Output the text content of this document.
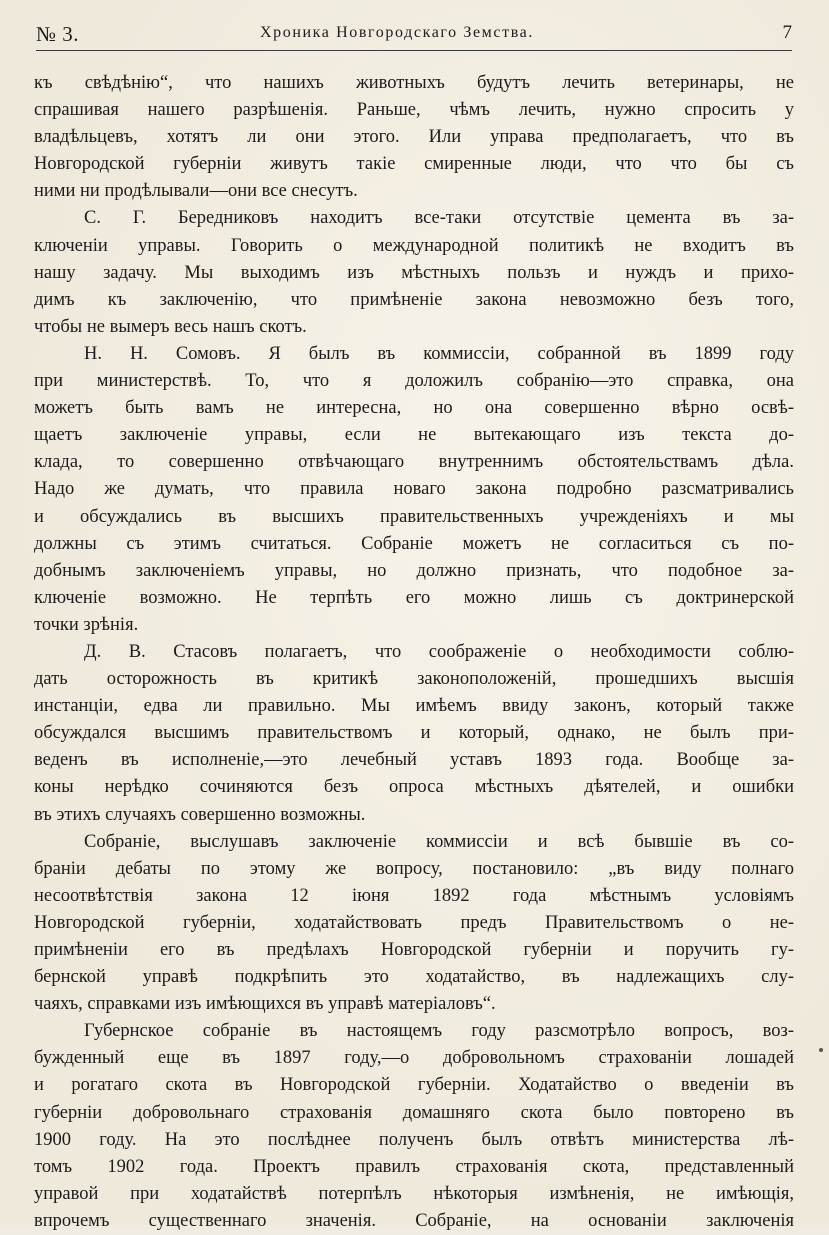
№ 3.	Хроника Новгородскаго Земства.	7
къ свѣдѣнію“, что нашихъ животныхъ будутъ лечить ветеринары, не
спрашивая нашего разрѣшенія. Раньше, чѣмъ лечить, нужно спросить у
владѣльцевъ, хотятъ ли они этого. Или управа предполагаетъ, что въ
Новгородской губерніи живутъ такіе смиренные люди, что что бы съ
ними ни продѣлывали—они все снесутъ.
С. Г. Бередниковъ находитъ все-таки отсутствіе цемента въ за-
ключеніи управы. Говорить о международной политикѣ не входитъ въ
нашу задачу. Мы выходимъ изъ мѣстныхъ пользъ и нуждъ и прихо-
димъ къ заключенію, что примѣненіе закона невозможно безъ того,
чтобы не вымеръ весь нашъ скотъ.
Н. Н. Сомовъ. Я былъ въ коммиссіи, собранной въ 1899 году
при министерствѣ. То, что я доложилъ собранію—это справка, она
можетъ быть вамъ не интересна, но она совершенно вѣрно освѣ-
щаетъ заключеніе управы, если не вытекающаго изъ текста до-
клада, то совершенно отвѣчающаго внутреннимъ обстоятельствамъ дѣла.
Надо же думать, что правила новаго закона подробно разсматривались
и обсуждались въ высшихъ правительственныхъ учрежденіяхъ и мы
должны съ этимъ считаться. Собраніе можетъ не согласиться съ по-
добнымъ заключеніемъ управы, но должно признать, что подобное за-
ключеніе возможно. Не терпѣть его можно лишь съ доктринерской
точки зрѣнія.
Д. В. Стасовъ полагаетъ, что соображеніе о необходимости соблю-
дать осторожность въ критикѣ законоположеній, прошедшихъ высшія
инстанціи, едва ли правильно. Мы имѣемъ ввиду законъ, который также
обсуждался высшимъ правительствомъ и который, однако, не былъ при-
веденъ въ исполненіе,—это лечебный уставъ 1893 года. Вообще за-
коны нерѣдко сочиняются безъ опроса мѣстныхъ дѣятелей, и ошибки
въ этихъ случаяхъ совершенно возможны.
Собраніе, выслушавъ заключеніе коммиссіи и всѣ бывшіе въ со-
браніи дебаты по этому же вопросу, постановило: „въ виду полнаго
несоотвѣтствія закона 12 іюня 1892 года мѣстнымъ условіямъ
Новгородской губерніи, ходатайствовать предъ Правительствомъ о не-
примѣненіи его въ предѣлахъ Новгородской губерніи и поручить гу-
бернской управѣ подкрѣпить это ходатайство, въ надлежащихъ слу-
чаяхъ, справками изъ имѣющихся въ управѣ матеріаловъ“.
Губернское собраніе въ настоящемъ году разсмотрѣло вопросъ, воз-
бужденный еще въ 1897 году,—о добровольномъ страхованіи лошадей
и рогатаго скота въ Новгородской губерніи. Ходатайство о введеніи въ
губерніи добровольнаго страхованія домашняго скота было повторено въ
1900 году. На это послѣднее полученъ былъ отвѣтъ министерства лѣ-
томъ 1902 года. Проектъ правилъ страхованія скота, представленный
управой при ходатайствѣ потерпѣлъ нѣкоторыя измѣненія, не имѣющія,
впрочемъ существеннаго значенія. Собраніе, на основаніи заключенія
